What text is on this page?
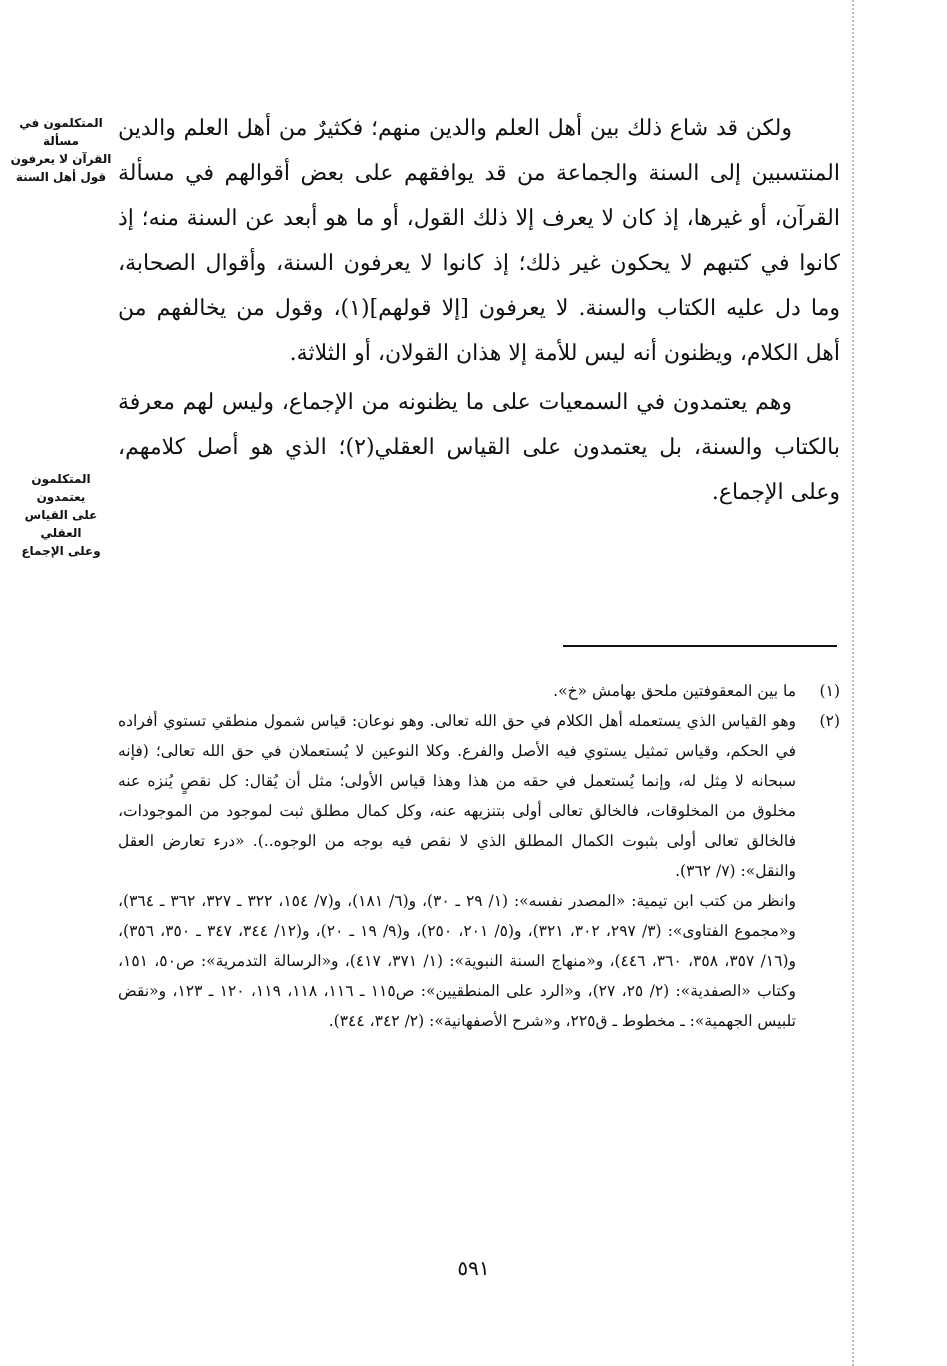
المتكلمون في مسألة
القرآن لا يعرفون
قول أهل السنة
المتكلمون يعتمدون
على القياس العقلي
وعلى الإجماع

ولكن قد شاع ذلك بين أهل العلم والدين منهم؛ فكثيرٌ من أهل العلم والدين المنتسبين إلى السنة والجماعة من قد يوافقهم على بعض أقوالهم في مسألة القرآن، أو غيرها، إذ كان لا يعرف إلا ذلك القول، أو ما هو أبعد عن السنة منه؛ إذ كانوا في كتبهم لا يحكون غير ذلك؛ إذ كانوا لا يعرفون السنة، وأقوال الصحابة، وما دل عليه الكتاب والسنة. لا يعرفون [إلا قولهم](١)، وقول من يخالفهم من أهل الكلام، ويظنون أنه ليس للأمة إلا هذان القولان، أو الثلاثة.

وهم يعتمدون في السمعيات على ما يظنونه من الإجماع، وليس لهم معرفة بالكتاب والسنة، بل يعتمدون على القياس العقلي(٢)؛ الذي هو أصل كلامهم، وعلى الإجماع.

(١)
ما بين المعقوفتين ملحق بهامش «خ».
(٢)
وهو القياس الذي يستعمله أهل الكلام في حق الله تعالى. وهو نوعان: قياس شمول منطقي تستوي أفراده في الحكم، وقياس تمثيل يستوي فيه الأصل والفرع. وكلا النوعين لا يُستعملان في حق الله تعالى؛ (فإنه سبحانه لا مِثل له، وإنما يُستعمل في حقه من هذا وهذا قياس الأولى؛ مثل أن يُقال: كل نقصٍ يُنزه عنه مخلوق من المخلوقات، فالخالق تعالى أولى بتنزيهه عنه، وكل كمال مطلق ثبت لموجود من الموجودات، فالخالق تعالى أولى بثبوت الكمال المطلق الذي لا نقص فيه بوجه من الوجوه..). «درء تعارض العقل والنقل»: (٧/ ٣٦٢).
وانظر من كتب ابن تيمية: «المصدر نفسه»: (١/ ٢٩ ـ ٣٠)، و(٦/ ١٨١)، و(٧/ ١٥٤، ٣٢٢ ـ ٣٢٧، ٣٦٢ ـ ٣٦٤)، و«مجموع الفتاوى»: (٣/ ٢٩٧، ٣٠٢، ٣٢١)، و(٥/ ٢٠١، ٢٥٠)، و(٩/ ١٩ ـ ٢٠)، و(١٢/ ٣٤٤، ٣٤٧ ـ ٣٥٠، ٣٥٦)، و(١٦/ ٣٥٧، ٣٥٨، ٣٦٠، ٤٤٦)، و«منهاج السنة النبوية»: (١/ ٣٧١، ٤١٧)، و«الرسالة التدمرية»: ص٥٠، ١٥١، وكتاب «الصفدية»: (٢/ ٢٥، ٢٧)، و«الرد على المنطقيين»: ص١١٥ ـ ١١٦، ١١٨، ١١٩، ١٢٠ ـ ١٢٣، و«نقض تلبيس الجهمية»: ـ مخطوط ـ ق٢٢٥، و«شرح الأصفهانية»: (٢/ ٣٤٢، ٣٤٤).
٥٩١
